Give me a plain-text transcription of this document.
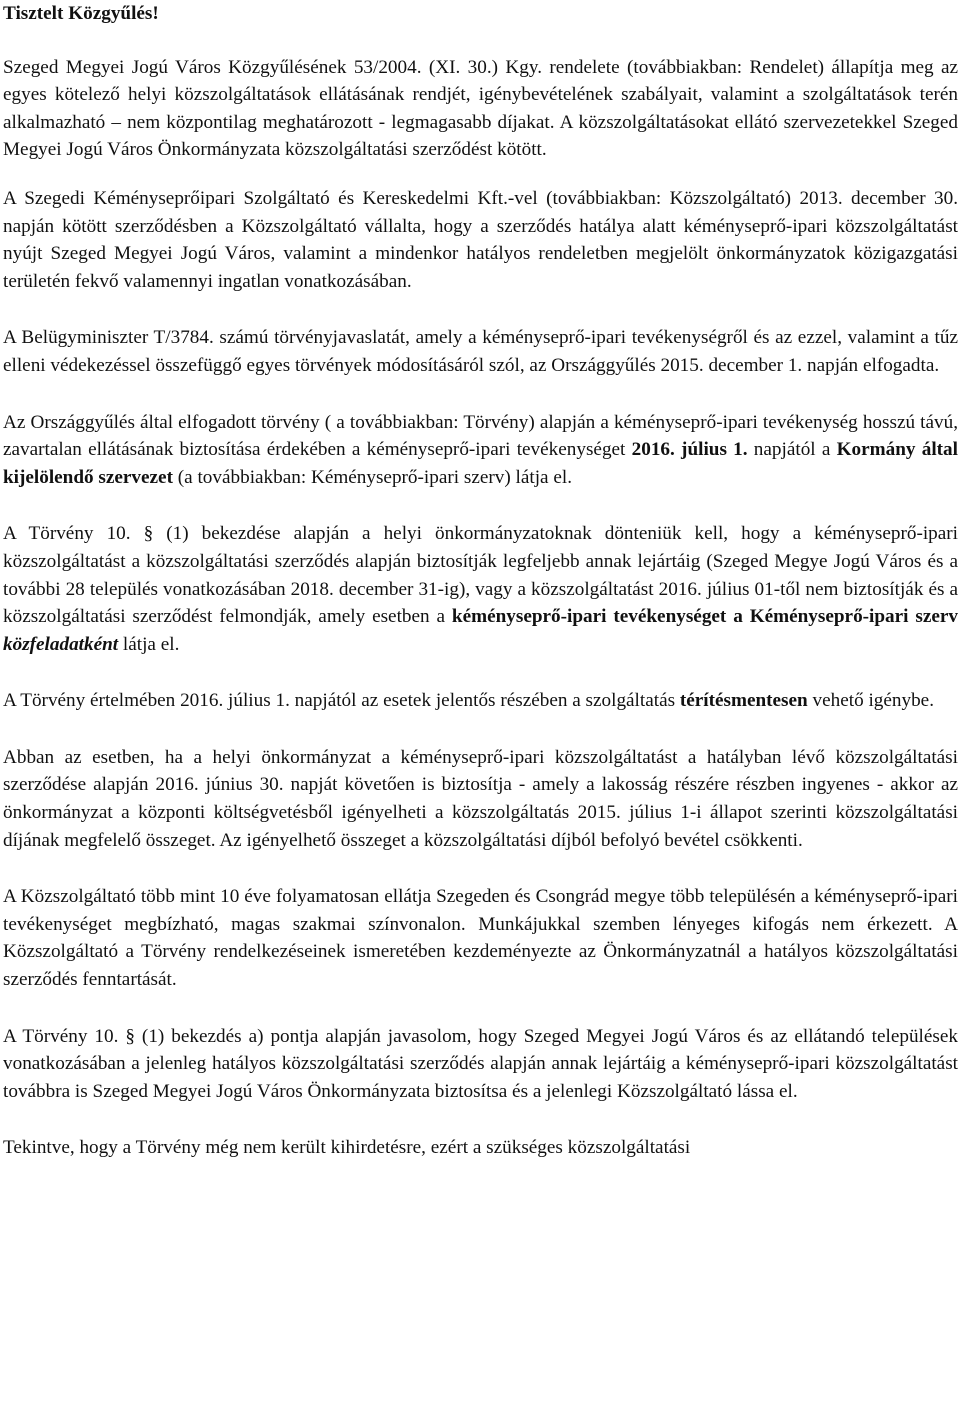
Tisztelt Közgyűlés!

Szeged Megyei Jogú Város Közgyűlésének 53/2004. (XI. 30.) Kgy. rendelete (továbbiakban: Rendelet) állapítja meg az egyes kötelező helyi közszolgáltatások ellátásának rendjét, igénybevételének szabályait, valamint a szolgáltatások terén alkalmazható – nem központilag meghatározott - legmagasabb díjakat. A közszolgáltatásokat ellátó szervezetekkel Szeged Megyei Jogú Város Önkormányzata közszolgáltatási szerződést kötött.

A Szegedi Kéményseprőipari Szolgáltató és Kereskedelmi Kft.-vel (továbbiakban: Közszolgáltató) 2013. december 30. napján kötött szerződésben a Közszolgáltató vállalta, hogy a szerződés hatálya alatt kéményseprő-ipari közszolgáltatást nyújt Szeged Megyei Jogú Város, valamint a mindenkor hatályos rendeletben megjelölt önkormányzatok közigazgatási területén fekvő valamennyi ingatlan vonatkozásában.

A Belügyminiszter T/3784. számú törvényjavaslatát, amely a kéményseprő-ipari tevékenységről és az ezzel, valamint a tűz elleni védekezéssel összefüggő egyes törvények módosításáról szól, az Országgyűlés 2015. december 1. napján elfogadta.

Az Országgyűlés által elfogadott törvény ( a továbbiakban: Törvény) alapján a kéményseprő-ipari tevékenység hosszú távú, zavartalan ellátásának biztosítása érdekében a kéményseprő-ipari tevékenységet 2016. július 1. napjától a Kormány által kijelölendő szervezet (a továbbiakban: Kéményseprő-ipari szerv) látja el.

A Törvény 10. § (1) bekezdése alapján a helyi önkormányzatoknak dönteniük kell, hogy a kéményseprő-ipari közszolgáltatást a közszolgáltatási szerződés alapján biztosítják legfeljebb annak lejártáig (Szeged Megye Jogú Város és a további 28 település vonatkozásában 2018. december 31-ig), vagy a közszolgáltatást 2016. július 01-től nem biztosítják és a közszolgáltatási szerződést felmondják, amely esetben a kéményseprő-ipari tevékenységet a Kéményseprő-ipari szerv közfeladatként látja el.

A Törvény értelmében 2016. július 1. napjától az esetek jelentős részében a szolgáltatás térítésmentesen vehető igénybe.

Abban az esetben, ha a helyi önkormányzat a kéményseprő-ipari közszolgáltatást a hatályban lévő közszolgáltatási szerződése alapján 2016. június 30. napját követően is biztosítja - amely a lakosság részére részben ingyenes - akkor az önkormányzat a központi költségvetésből igényelheti a közszolgáltatás 2015. július 1-i állapot szerinti közszolgáltatási díjának megfelelő összeget. Az igényelhető összeget a közszolgáltatási díjból befolyó bevétel csökkenti.

A Közszolgáltató több mint 10 éve folyamatosan ellátja Szegeden és Csongrád megye több településén a kéményseprő-ipari tevékenységet megbízható, magas szakmai színvonalon. Munkájukkal szemben lényeges kifogás nem érkezett. A Közszolgáltató a Törvény rendelkezéseinek ismeretében kezdeményezte az Önkormányzatnál a hatályos közszolgáltatási szerződés fenntartását.

A Törvény 10. § (1) bekezdés a) pontja alapján javasolom, hogy Szeged Megyei Jogú Város és az ellátandó települések vonatkozásában a jelenleg hatályos közszolgáltatási szerződés alapján annak lejártáig a kéményseprő-ipari közszolgáltatást továbbra is Szeged Megyei Jogú Város Önkormányzata biztosítsa és a jelenlegi Közszolgáltató lássa el.

Tekintve, hogy a Törvény még nem került kihirdetésre, ezért a szükséges közszolgáltatási
